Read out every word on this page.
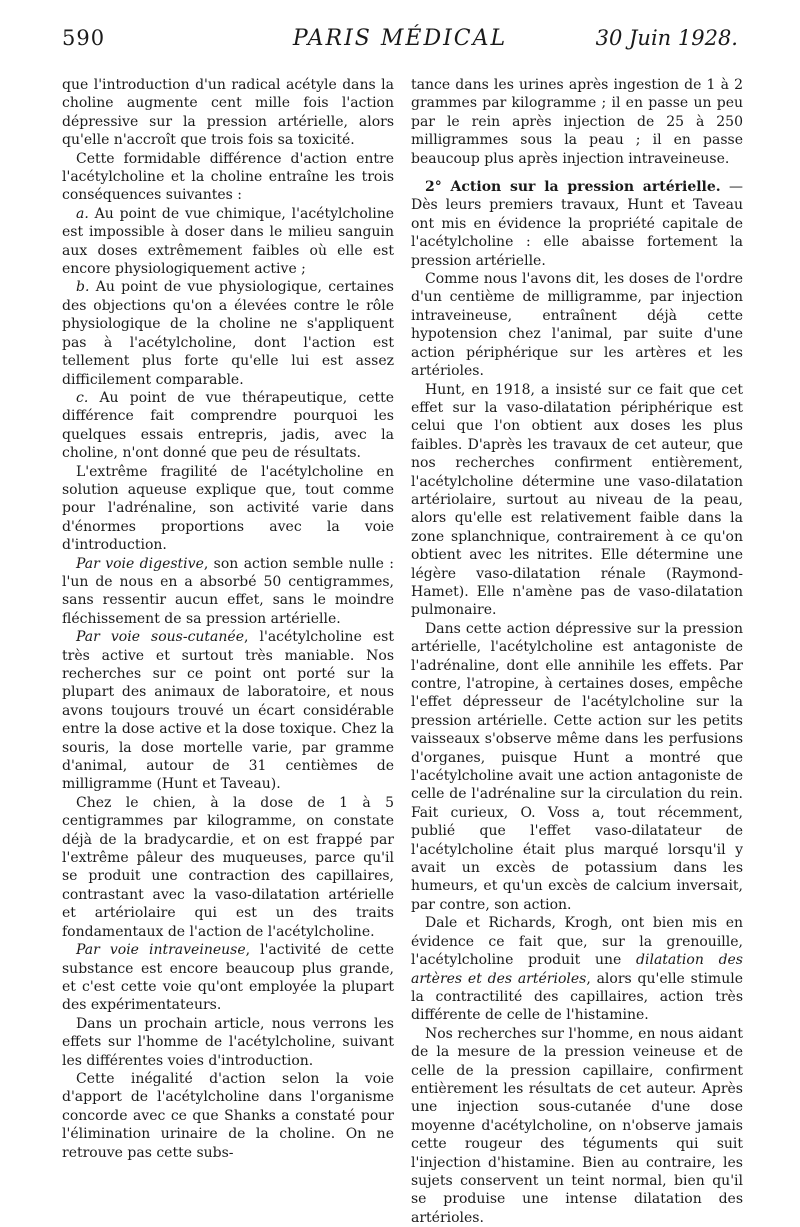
590	PARIS MÉDICAL	30 Juin 1928.

que l'introduction d'un radical acétyle dans la choline augmente cent mille fois l'action dépressive sur la pression artérielle, alors qu'elle n'accroît que trois fois sa toxicité.

Cette formidable différence d'action entre l'acétylcholine et la choline entraîne les trois conséquences suivantes :

a. Au point de vue chimique, l'acétylcholine est impossible à doser dans le milieu sanguin aux doses extrêmement faibles où elle est encore physiologiquement active ;

b. Au point de vue physiologique, certaines des objections qu'on a élevées contre le rôle physiologique de la choline ne s'appliquent pas à l'acétylcholine, dont l'action est tellement plus forte qu'elle lui est assez difficilement comparable.

c. Au point de vue thérapeutique, cette différence fait comprendre pourquoi les quelques essais entrepris, jadis, avec la choline, n'ont donné que peu de résultats.

L'extrême fragilité de l'acétylcholine en solution aqueuse explique que, tout comme pour l'adrénaline, son activité varie dans d'énormes proportions avec la voie d'introduction.

Par voie digestive, son action semble nulle : l'un de nous en a absorbé 50 centigrammes, sans ressentir aucun effet, sans le moindre fléchissement de sa pression artérielle.

Par voie sous-cutanée, l'acétylcholine est très active et surtout très maniable. Nos recherches sur ce point ont porté sur la plupart des animaux de laboratoire, et nous avons toujours trouvé un écart considérable entre la dose active et la dose toxique. Chez la souris, la dose mortelle varie, par gramme d'animal, autour de 31 centièmes de milligramme (Hunt et Taveau).

Chez le chien, à la dose de 1 à 5 centigrammes par kilogramme, on constate déjà de la bradycardie, et on est frappé par l'extrême pâleur des muqueuses, parce qu'il se produit une contraction des capillaires, contrastant avec la vaso-dilatation artérielle et artériolaire qui est un des traits fondamentaux de l'action de l'acétylcholine.

Par voie intraveineuse, l'activité de cette substance est encore beaucoup plus grande, et c'est cette voie qu'ont employée la plupart des expérimentateurs.

Dans un prochain article, nous verrons les effets sur l'homme de l'acétylcholine, suivant les différentes voies d'introduction.

Cette inégalité d'action selon la voie d'apport de l'acétylcholine dans l'organisme concorde avec ce que Shanks a constaté pour l'élimination urinaire de la choline. On ne retrouve pas cette subs-

tance dans les urines après ingestion de 1 à 2 grammes par kilogramme ; il en passe un peu par le rein après injection de 25 à 250 milligrammes sous la peau ; il en passe beaucoup plus après injection intraveineuse.

2° Action sur la pression artérielle. — Dès leurs premiers travaux, Hunt et Taveau ont mis en évidence la propriété capitale de l'acétylcholine : elle abaisse fortement la pression artérielle.

Comme nous l'avons dit, les doses de l'ordre d'un centième de milligramme, par injection intraveineuse, entraînent déjà cette hypotension chez l'animal, par suite d'une action périphérique sur les artères et les artérioles.

Hunt, en 1918, a insisté sur ce fait que cet effet sur la vaso-dilatation périphérique est celui que l'on obtient aux doses les plus faibles. D'après les travaux de cet auteur, que nos recherches confirment entièrement, l'acétylcholine détermine une vaso-dilatation artériolaire, surtout au niveau de la peau, alors qu'elle est relativement faible dans la zone splanchnique, contrairement à ce qu'on obtient avec les nitrites. Elle détermine une légère vaso-dilatation rénale (Raymond-Hamet). Elle n'amène pas de vaso-dilatation pulmonaire.

Dans cette action dépressive sur la pression artérielle, l'acétylcholine est antagoniste de l'adrénaline, dont elle annihile les effets. Par contre, l'atropine, à certaines doses, empêche l'effet dépresseur de l'acétylcholine sur la pression artérielle. Cette action sur les petits vaisseaux s'observe même dans les perfusions d'organes, puisque Hunt a montré que l'acétylcholine avait une action antagoniste de celle de l'adrénaline sur la circulation du rein. Fait curieux, O. Voss a, tout récemment, publié que l'effet vaso-dilatateur de l'acétylcholine était plus marqué lorsqu'il y avait un excès de potassium dans les humeurs, et qu'un excès de calcium inversait, par contre, son action.

Dale et Richards, Krogh, ont bien mis en évidence ce fait que, sur la grenouille, l'acétylcholine produit une dilatation des artères et des artérioles, alors qu'elle stimule la contractilité des capillaires, action très différente de celle de l'histamine.

Nos recherches sur l'homme, en nous aidant de la mesure de la pression veineuse et de celle de la pression capillaire, confirment entièrement les résultats de cet auteur. Après une injection sous-cutanée d'une dose moyenne d'acétylcholine, on n'observe jamais cette rougeur des téguments qui suit l'injection d'histamine. Bien au contraire, les sujets conservent un teint normal, bien qu'il se produise une intense dilatation des artérioles.
